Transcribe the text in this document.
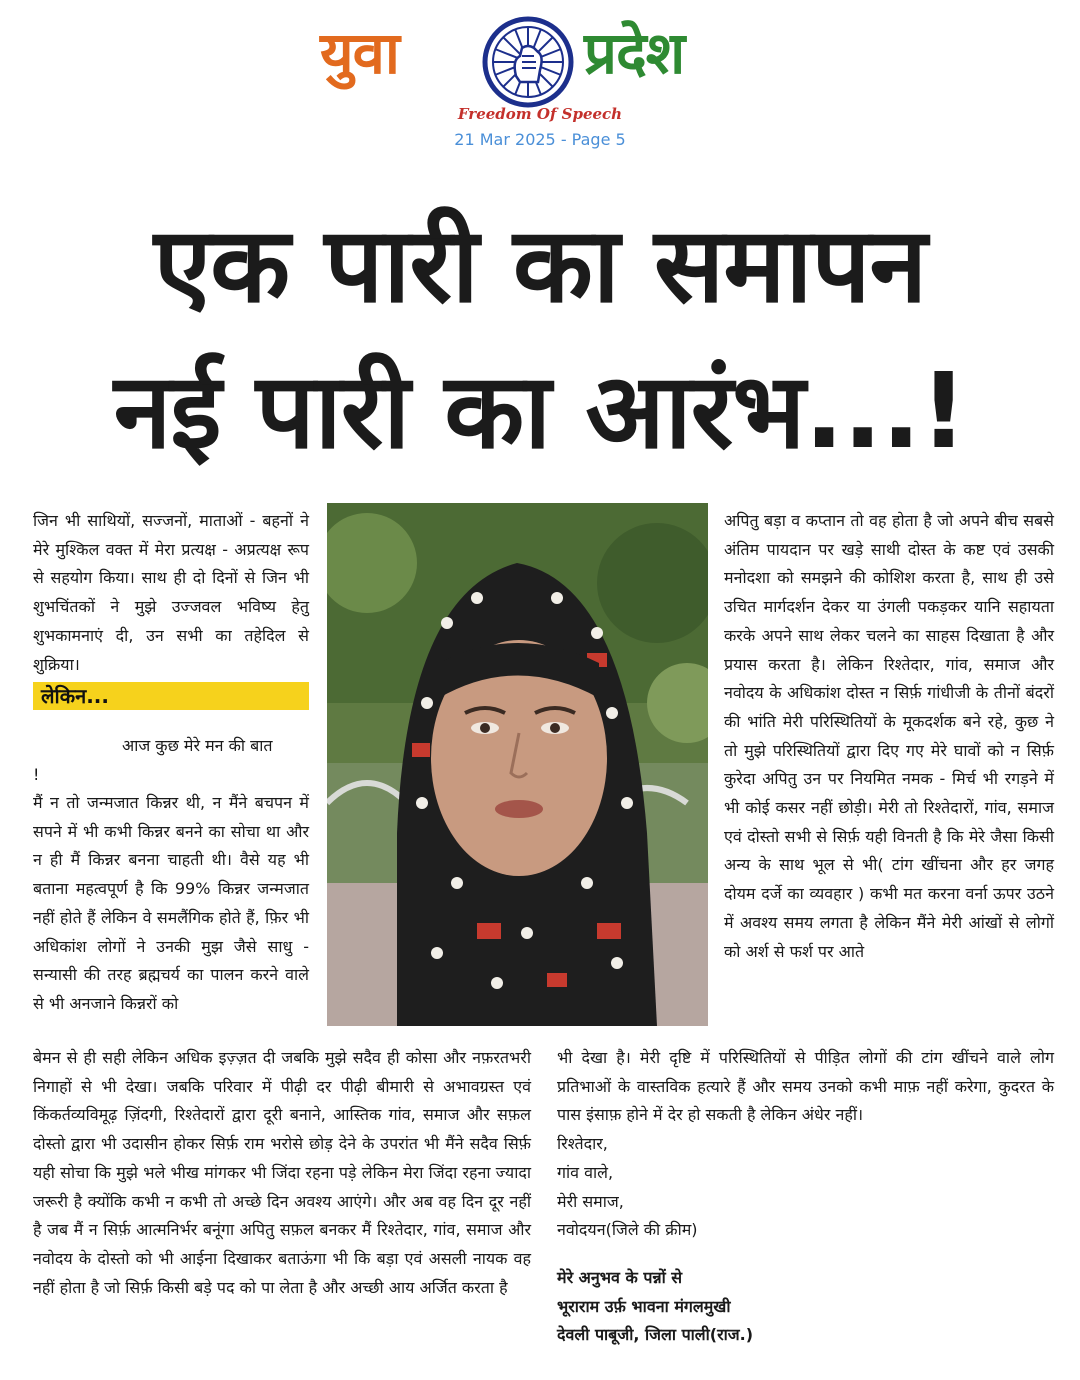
युवा	प्रदेश
Freedom Of Speech
21 Mar 2025 - Page 5
एक पारी का समापन
नई पारी का आरंभ...!

जिन भी साथियों, सज्जनों, माताओं - बहनों ने मेरे मुश्किल वक्त में मेरा प्रत्यक्ष - अप्रत्यक्ष रूप से सहयोग किया। साथ ही दो दिनों से जिन भी शुभचिंतकों ने मुझे उज्जवल भविष्य हेतु शुभकामनाएं दी, उन सभी का तहेदिल से शुक्रिया।

लेकिन...
आज कुछ मेरे मन की बात
!

मैं न तो जन्मजात किन्नर थी, न मैंने बचपन में सपने में भी कभी किन्नर बनने का सोचा था और न ही मैं किन्नर बनना चाहती थी। वैसे यह भी बताना महत्वपूर्ण है कि 99% किन्नर जन्मजात नहीं होते हैं लेकिन वे समलैंगिक होते हैं, फ़िर भी अधिकांश लोगों ने उनकी मुझ जैसे साधु - सन्यासी की तरह ब्रह्मचर्य का पालन करने वाले से भी अनजाने किन्नरों को

अपितु बड़ा व कप्तान तो वह होता है जो अपने बीच सबसे अंतिम पायदान पर खड़े साथी दोस्त के कष्ट एवं उसकी मनोदशा को समझने की कोशिश करता है, साथ ही उसे उचित मार्गदर्शन देकर या उंगली पकड़कर यानि सहायता करके अपने साथ लेकर चलने का साहस दिखाता है और प्रयास करता है। लेकिन रिश्तेदार, गांव, समाज और नवोदय के अधिकांश दोस्त न सिर्फ़ गांधीजी के तीनों बंदरों की भांति मेरी परिस्थितियों के मूकदर्शक बने रहे, कुछ ने तो मुझे परिस्थितियों द्वारा दिए गए मेरे घावों को न सिर्फ़ कुरेदा अपितु उन पर नियमित नमक - मिर्च भी रगड़ने में भी कोई कसर नहीं छोड़ी। मेरी तो रिश्तेदारों, गांव, समाज एवं दोस्तो सभी से सिर्फ़ यही विनती है कि मेरे जैसा किसी अन्य के साथ भूल से भी( टांग खींचना और हर जगह दोयम दर्जे का व्यवहार ) कभी मत करना वर्ना ऊपर उठने में अवश्य समय लगता है लेकिन मैंने मेरी आंखों से लोगों को अर्श से फर्श पर आते

बेमन से ही सही लेकिन अधिक इज़्ज़त दी जबकि मुझे सदैव ही कोसा और नफ़रतभरी निगाहों से भी देखा। जबकि परिवार में पीढ़ी दर पीढ़ी बीमारी से अभावग्रस्त एवं किंकर्तव्यविमूढ़ ज़िंदगी, रिश्तेदारों द्वारा दूरी बनाने, आस्तिक गांव, समाज और सफ़ल दोस्तो द्वारा भी उदासीन होकर सिर्फ़ राम भरोसे छोड़ देने के उपरांत भी मैंने सदैव सिर्फ़ यही सोचा कि मुझे भले भीख मांगकर भी जिंदा रहना पड़े लेकिन मेरा जिंदा रहना ज्यादा जरूरी है क्योंकि कभी न कभी तो अच्छे दिन अवश्य आएंगे। और अब वह दिन दूर नहीं है जब मैं न सिर्फ़ आत्मनिर्भर बनूंगा अपितु सफ़ल बनकर मैं रिश्तेदार, गांव, समाज और नवोदय के दोस्तो को भी आईना दिखाकर बताऊंगा भी कि बड़ा एवं असली नायक वह नहीं होता है जो सिर्फ़ किसी बड़े पद को पा लेता है और अच्छी आय अर्जित करता है

भी देखा है। मेरी दृष्टि में परिस्थितियों से पीड़ित लोगों की टांग खींचने वाले लोग प्रतिभाओं के वास्तविक हत्यारे हैं और समय उनको कभी माफ़ नहीं करेगा, कुदरत के पास इंसाफ़ होने में देर हो सकती है लेकिन अंधेर नहीं।

रिश्तेदार,
गांव वाले,
मेरी समाज,
नवोदयन(जिले की क्रीम)
मेरे अनुभव के पन्नों से
भूराराम उर्फ़ भावना मंगलमुखी
देवली पाबूजी, जिला पाली(राज.)
